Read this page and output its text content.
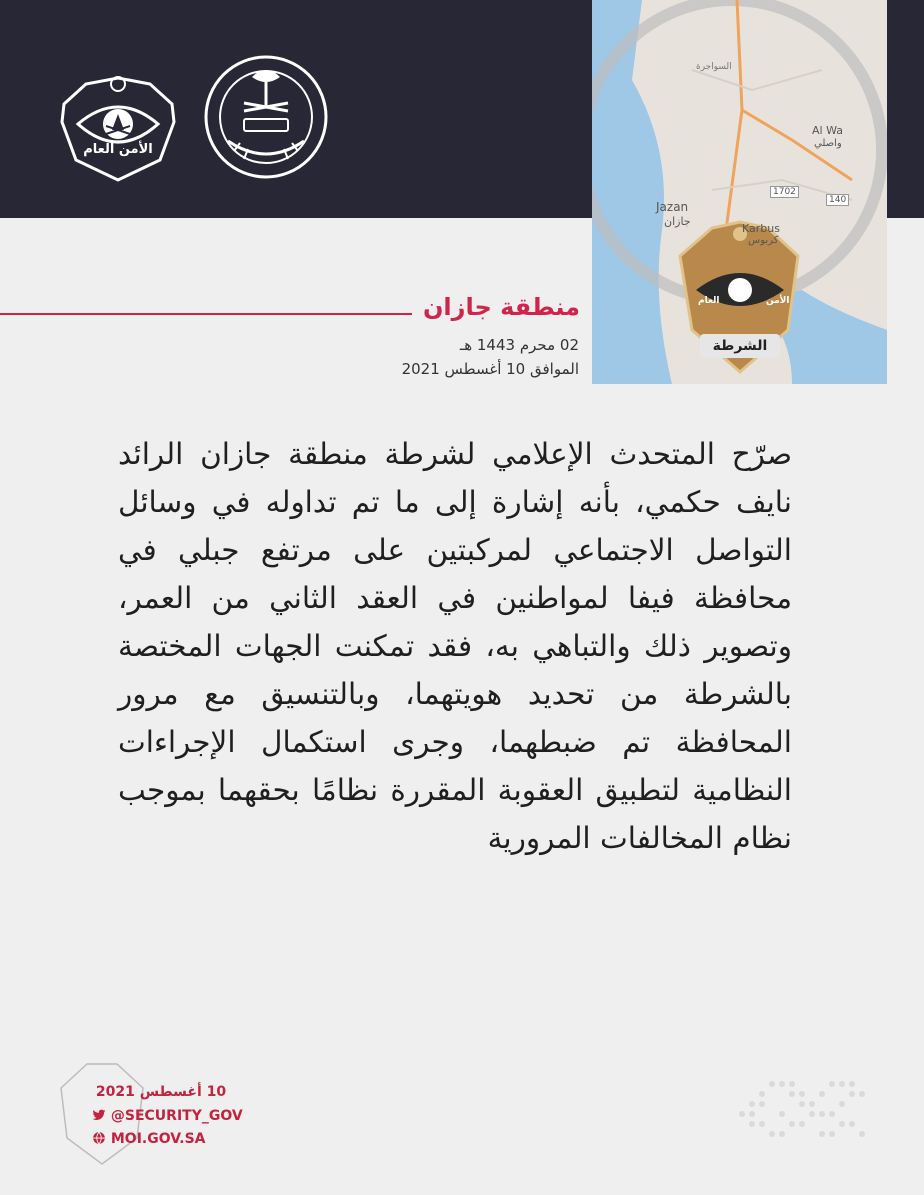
الأمن العام
السواجرة
Al Wa
واصلي
1702
140
Jazan
جازان
Karbus
كربوس
الأمن
العام
الشرطة
منطقة جازان
02 محرم 1443 هـ
الموافق 10 أغسطس 2021
صرّح المتحدث الإعلامي لشرطة منطقة جازان الرائد نايف حكمي، بأنه إشارة إلى ما تم تداوله في وسائل التواصل الاجتماعي لمركبتين على مرتفع جبلي في محافظة فيفا لمواطنين في العقد الثاني من العمر، وتصوير ذلك والتباهي به، فقد تمكنت الجهات المختصة بالشرطة من تحديد هويتهما، وبالتنسيق مع مرور المحافظة تم ضبطهما، وجرى استكمال الإجراءات النظامية لتطبيق العقوبة المقررة نظامًا بحقهما بموجب نظام المخالفات المرورية
10 أغسطس 2021
@SECURITY_GOV
MOI.GOV.SA
